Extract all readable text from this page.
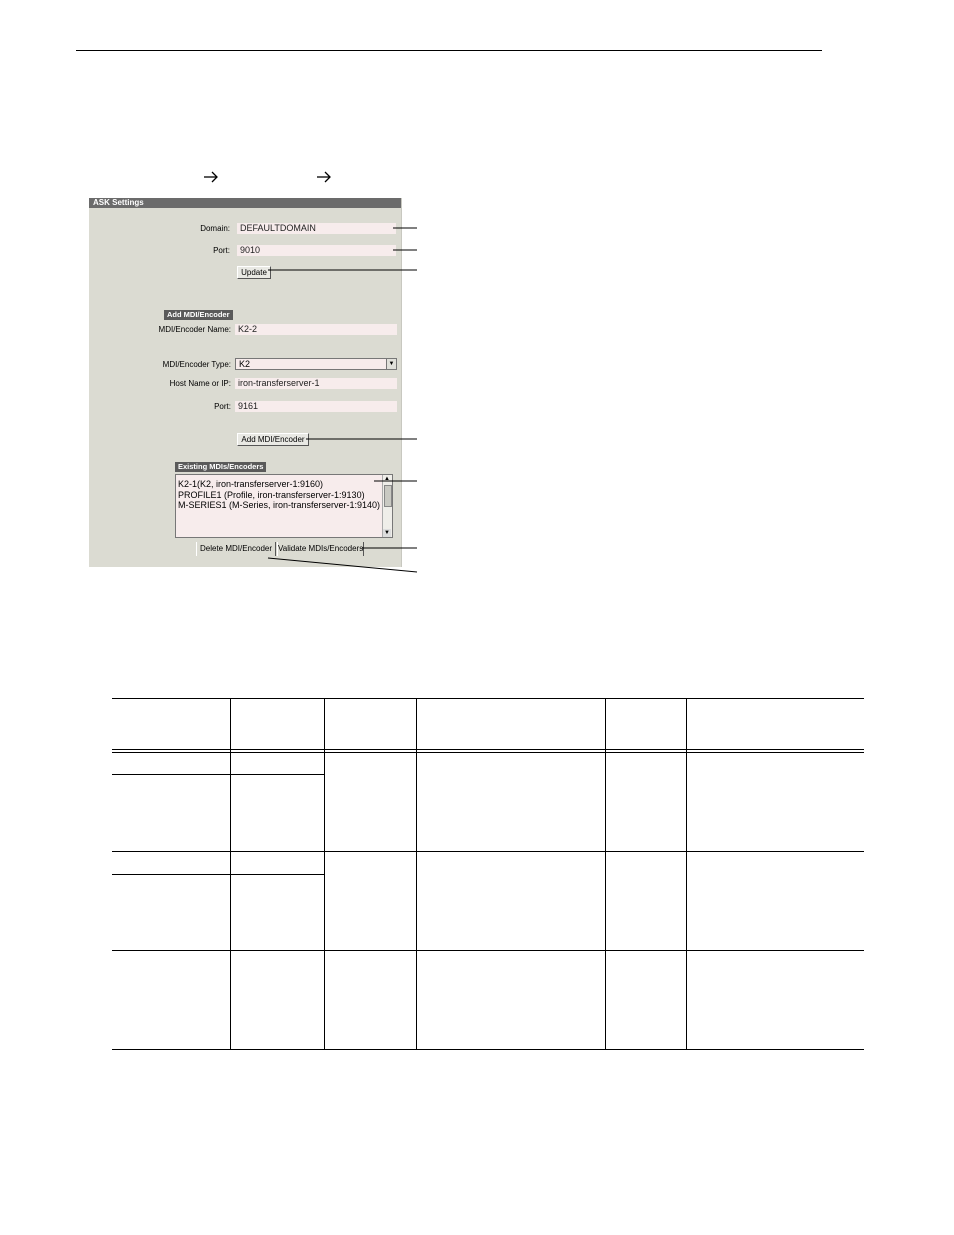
ASK Settings
Domain:	DEFAULTDOMAIN
Port:	9010
Update
Add MDI/Encoder
MDI/Encoder Name: K2-2
MDI/Encoder Type: K2	▼
Host Name or IP: iron-transferserver-1
Port: 9161
Add MDI/Encoder
Existing MDIs/Encoders
K2-1(K2, iron-transferserver-1:9160)
PROFILE1 (Profile, iron-transferserver-1:9130)
M-SERIES1 (M-Series, iron-transferserver-1:9140)
▲
▼
Delete MDI/Encoder Validate MDIs/Encoders
